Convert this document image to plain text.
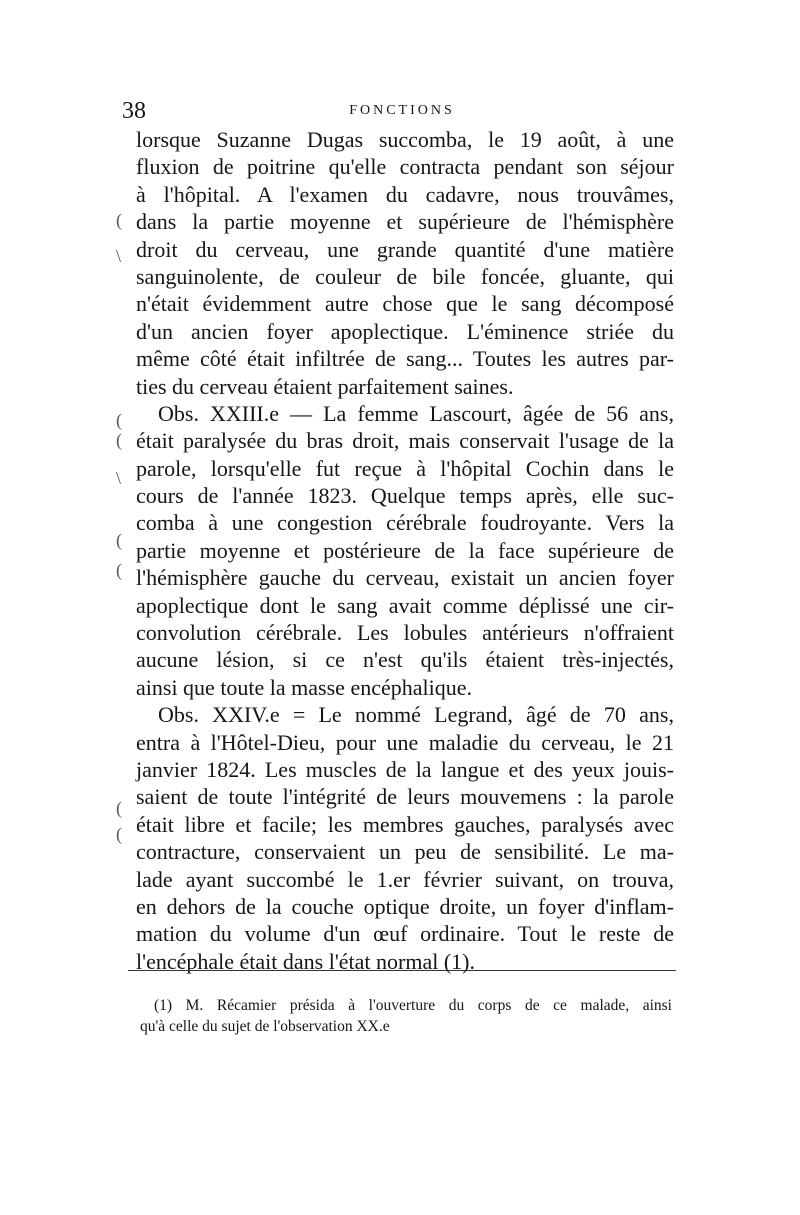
38	FONCTIONS
lorsque Suzanne Dugas succomba, le 19 août, à une
fluxion de poitrine qu'elle contracta pendant son séjour
à l'hôpital. A l'examen du cadavre, nous trouvâmes,
dans la partie moyenne et supérieure de l'hémisphère
droit du cerveau, une grande quantité d'une matière
sanguinolente, de couleur de bile foncée, gluante, qui
n'était évidemment autre chose que le sang décomposé
d'un ancien foyer apoplectique. L'éminence striée du
même côté était infiltrée de sang... Toutes les autres par-
ties du cerveau étaient parfaitement saines.
Obs. XXIII.e — La femme Lascourt, âgée de 56 ans,
était paralysée du bras droit, mais conservait l'usage de la
parole, lorsqu'elle fut reçue à l'hôpital Cochin dans le
cours de l'année 1823. Quelque temps après, elle suc-
comba à une congestion cérébrale foudroyante. Vers la
partie moyenne et postérieure de la face supérieure de
l'hémisphère gauche du cerveau, existait un ancien foyer
apoplectique dont le sang avait comme déplissé une cir-
convolution cérébrale. Les lobules antérieurs n'offraient
aucune lésion, si ce n'est qu'ils étaient très-injectés,
ainsi que toute la masse encéphalique.
Obs. XXIV.e = Le nommé Legrand, âgé de 70 ans,
entra à l'Hôtel-Dieu, pour une maladie du cerveau, le 21
janvier 1824. Les muscles de la langue et des yeux jouis-
saient de toute l'intégrité de leurs mouvemens : la parole
était libre et facile; les membres gauches, paralysés avec
contracture, conservaient un peu de sensibilité. Le ma-
lade ayant succombé le 1.er février suivant, on trouva,
en dehors de la couche optique droite, un foyer d'inflam-
mation du volume d'un œuf ordinaire. Tout le reste de
l'encéphale était dans l'état normal (1).
(1) M. Récamier présida à l'ouverture du corps de ce malade, ainsi
qu'à celle du sujet de l'observation XX.e
(
(
\
(
(
(
\
(
(
